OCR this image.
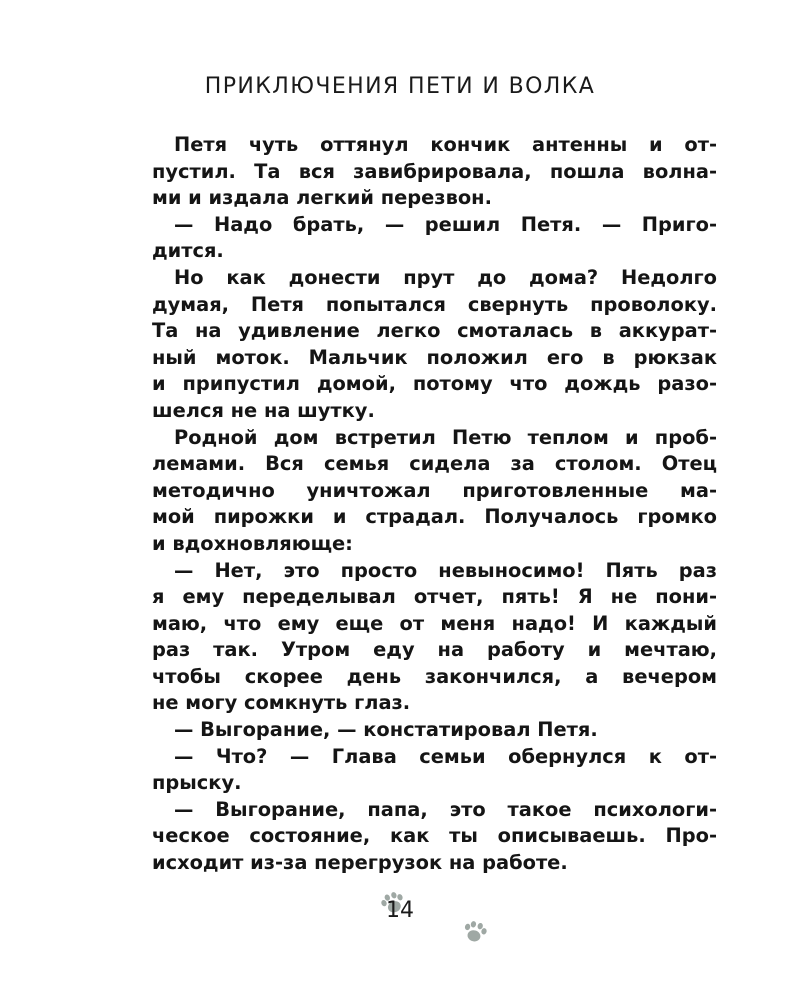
ПРИКЛЮЧЕНИЯ ПЕТИ И ВОЛКА
Петя чуть оттянул кончик антенны и от-
пустил. Та вся завибрировала, пошла волна-
ми и издала легкий перезвон.
— Надо брать, — решил Петя. — Приго-
дится.
Но как донести прут до дома? Недолго
думая, Петя попытался свернуть проволоку.
Та на удивление легко смоталась в аккурат-
ный моток. Мальчик положил его в рюкзак
и припустил домой, потому что дождь разо-
шелся не на шутку.
Родной дом встретил Петю теплом и проб-
лемами. Вся семья сидела за столом. Отец
методично уничтожал приготовленные ма-
мой пирожки и страдал. Получалось громко
и вдохновляюще:
— Нет, это просто невыносимо! Пять раз
я ему переделывал отчет, пять! Я не пони-
маю, что ему еще от меня надо! И каждый
раз так. Утром еду на работу и мечтаю,
чтобы скорее день закончился, а вечером
не могу сомкнуть глаз.
— Выгорание, — констатировал Петя.
— Что? — Глава семьи обернулся к от-
прыску.
— Выгорание, папа, это такое психологи-
ческое состояние, как ты описываешь. Про-
исходит из-за перегрузок на работе.
14
